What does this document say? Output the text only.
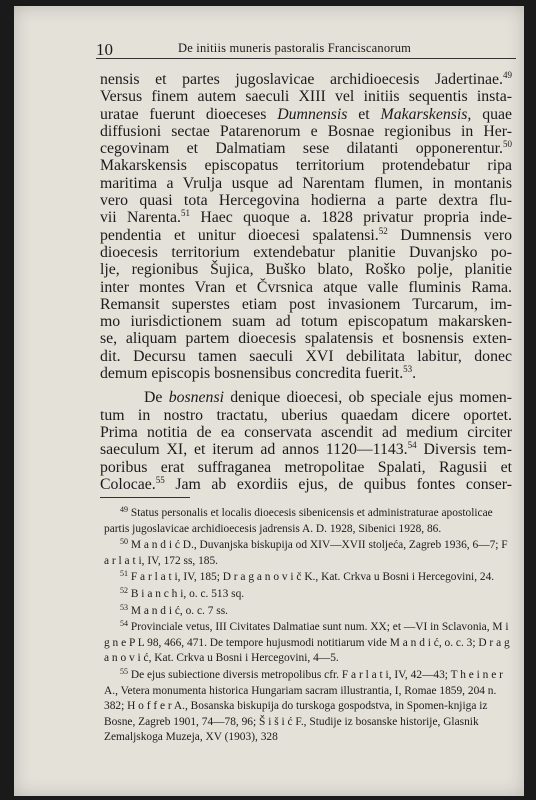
10	De initiis muneris pastoralis Franciscanorum

nensis et partes jugoslavicae archidioecesis Jadertinae.$^{49}$
Versus finem autem saeculi XIII vel initiis sequentis insta-
uratae fuerunt dioeceses Dumnensis et Makarskensis, quae
diffusioni sectae Patarenorum e Bosnae regionibus in Her-
cegovinam et Dalmatiam sese dilatanti opponerentur.$^{50}$
Makarskensis episcopatus territorium protendebatur ripa
maritima a Vrulja usque ad Narentam flumen, in montanis
vero quasi tota Hercegovina hodierna a parte dextra flu-
vii Narenta.$^{51}$ Haec quoque a. 1828 privatur propria inde-
pendentia et unitur dioecesi spalatensi.$^{52}$ Dumnensis vero
dioecesis territorium extendebatur planitie Duvanjsko po-
lje, regionibus Šujica, Buško blato, Roško polje, planitie
inter montes Vran et Čvrsnica atque valle fluminis Rama.
Remansit superstes etiam post invasionem Turcarum, im-
mo iurisdictionem suam ad totum episcopatum makarsken-
se, aliquam partem dioecesis spalatensis et bosnensis exten-
dit. Decursu tamen saeculi XVI debilitata labitur, donec
demum episcopis bosnensibus concredita fuerit.$^{53}$.

De bosnensi denique dioecesi, ob speciale ejus momen-
tum in nostro tractatu, uberius quaedam dicere oportet.
Prima notitia de ea conservata ascendit ad medium circiter
saeculum XI, et iterum ad annos 1120—1143.54 Diversis tem-
poribus erat suffraganea metropolitae Spalati, Ragusii et
Colocae.$^{55}$ Jam ab exordiis ejus, de quibus fontes conser-

$^{49}$ Status personalis et localis dioecesis sibenicensis et administraturae apostolicae partis jugoslavicae archidioecesis jadrensis A. D. 1928, Sibenici 1928, 86.

$^{50}$ M a n d i ć D., Duvanjska biskupija od XIV—XVII stoljeća, Zagreb 1936, 6—7; F a r l a t i, IV, 172 ss, 185.

$^{51}$ F a r l a t i, IV, 185; D r a g a n o v i č K., Kat. Crkva u Bosni i Hercegovini, 24.

$^{52}$ B i a n c h i, o. c. 513 sq.

$^{53}$ M a n d i ć, o. c. 7 ss.

$^{54}$ Provinciale vetus, III Civitates Dalmatiae sunt num. XX; et —VI in Sclavonia, M i g n e P L 98, 466, 471. De tempore hujusmodi notitiarum vide M a n d i ć, o. c. 3; D r a g a n o v i ć, Kat. Crkva u Bosni i Hercegovini, 4—5.

$^{55}$ De ejus subiectione diversis metropolibus cfr. F a r l a t i, IV, 42—43; T h e i n e r A., Vetera monumenta historica Hungariam sacram illustrantia, I, Romae 1859, 204 n. 382; H o f f e r A., Bosanska biskupija do turskoga gospodstva, in Spomen-knjiga iz Bosne, Zagreb 1901, 74—78, 96; Š i š i ć F., Studije iz bosanske historije, Glasnik Zemaljskoga Muzeja, XV (1903), 328
